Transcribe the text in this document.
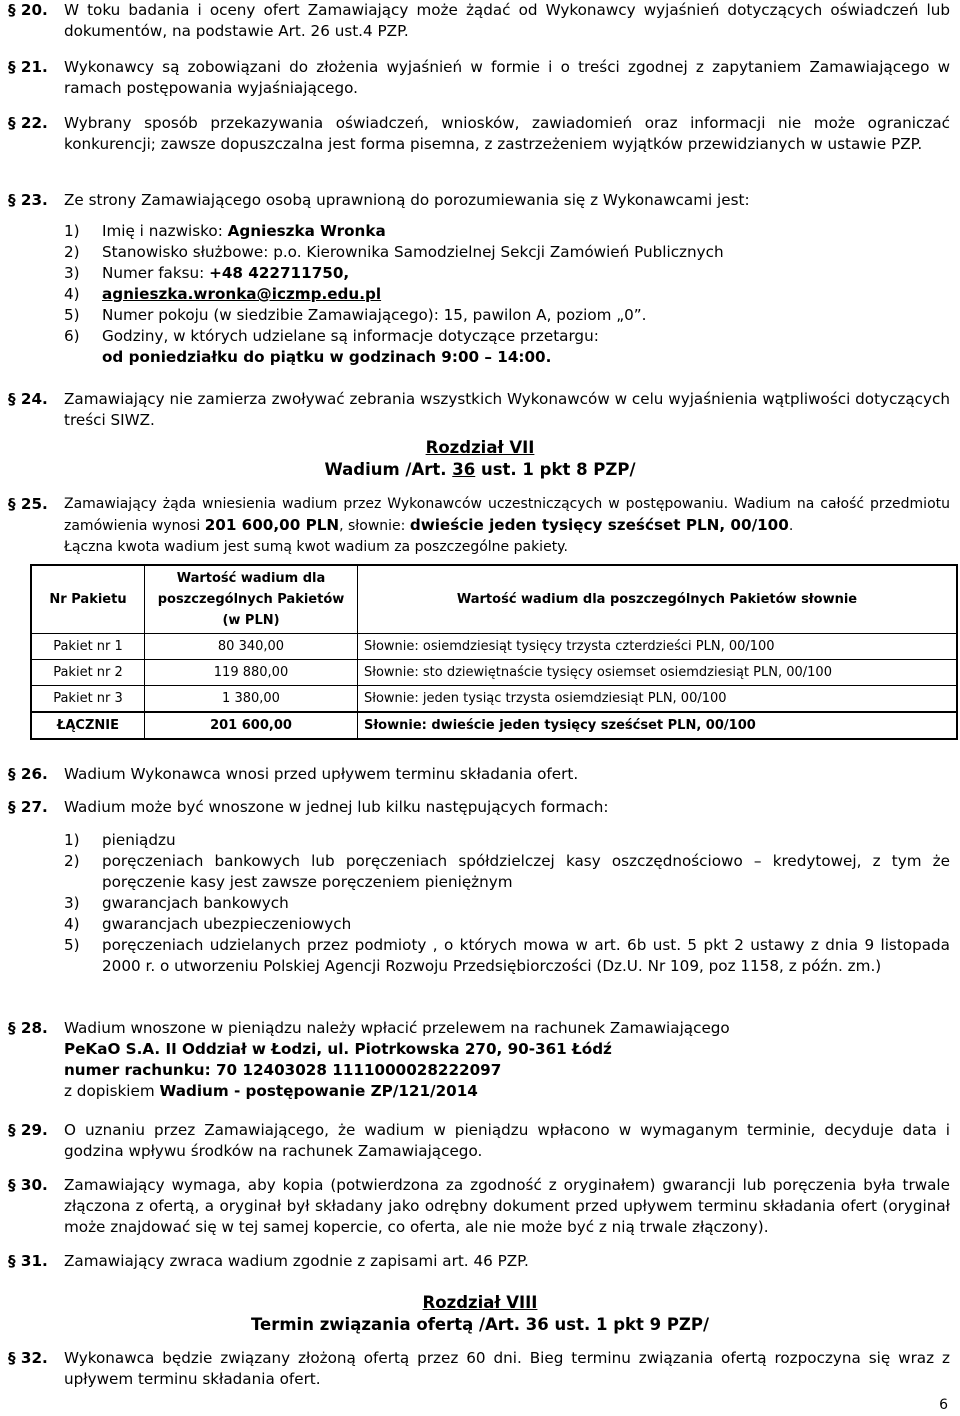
§ 20. W toku badania i oceny ofert Zamawiający może żądać od Wykonawcy wyjaśnień dotyczących oświadczeń lub dokumentów, na podstawie Art. 26 ust.4 PZP.
§ 21. Wykonawcy są zobowiązani do złożenia wyjaśnień w formie i o treści zgodnej z zapytaniem Zamawiającego w ramach postępowania wyjaśniającego.
§ 22. Wybrany sposób przekazywania oświadczeń, wniosków, zawiadomień oraz informacji nie może ograniczać konkurencji; zawsze dopuszczalna jest forma pisemna, z zastrzeżeniem wyjątków przewidzianych w ustawie PZP.
§ 23. Ze strony Zamawiającego osobą uprawnioną do porozumiewania się z Wykonawcami jest:
1) Imię i nazwisko: Agnieszka Wronka
2) Stanowisko służbowe: p.o. Kierownika Samodzielnej Sekcji Zamówień Publicznych
3) Numer faksu: +48 422711750,
4) agnieszka.wronka@iczmp.edu.pl
5) Numer pokoju (w siedzibie Zamawiającego): 15, pawilon A, poziom „0”.
6) Godziny, w których udzielane są informacje dotyczące przetargu:
od poniedziałku do piątku w godzinach 9:00 – 14:00.
§ 24. Zamawiający nie zamierza zwoływać zebrania wszystkich Wykonawców w celu wyjaśnienia wątpliwości dotyczących treści SIWZ.
Rozdział VII
Wadium /Art. 36 ust. 1 pkt 8 PZP/
§ 25. Zamawiający żąda wniesienia wadium przez Wykonawców uczestniczących w postępowaniu. Wadium na całość przedmiotu zamówienia wynosi 201 600,00 PLN, słownie: dwieście jeden tysięcy sześćset PLN, 00/100.
Łączna kwota wadium jest sumą kwot wadium za poszczególne pakiety.
Nr Pakietu	Wartość wadium dla poszczególnych Pakietów (w PLN)	Wartość wadium dla poszczególnych Pakietów słownie
Pakiet nr 1	80 340,00	Słownie: osiemdziesiąt tysięcy trzysta czterdzieści PLN, 00/100
Pakiet nr 2	119 880,00	Słownie: sto dziewiętnaście tysięcy osiemset osiemdziesiąt PLN, 00/100
Pakiet nr 3	1 380,00	Słownie: jeden tysiąc trzysta osiemdziesiąt PLN, 00/100
ŁĄCZNIE	201 600,00	Słownie: dwieście jeden tysięcy sześćset PLN, 00/100
§ 26. Wadium Wykonawca wnosi przed upływem terminu składania ofert.
§ 27. Wadium może być wnoszone w jednej lub kilku następujących formach:
1) pieniądzu
2) poręczeniach bankowych lub poręczeniach spółdzielczej kasy oszczędnościowo – kredytowej, z tym że poręczenie kasy jest zawsze poręczeniem pieniężnym
3) gwarancjach bankowych
4) gwarancjach ubezpieczeniowych
5) poręczeniach udzielanych przez podmioty , o których mowa w art. 6b ust. 5 pkt 2 ustawy z dnia 9 listopada 2000 r. o utworzeniu Polskiej Agencji Rozwoju Przedsiębiorczości (Dz.U. Nr 109, poz 1158, z późn. zm.)
§ 28. Wadium wnoszone w pieniądzu należy wpłacić przelewem na rachunek Zamawiającego
PeKaO S.A. II Oddział w Łodzi, ul. Piotrkowska 270, 90-361 Łódź
numer rachunku: 70 12403028 1111000028222097
z dopiskiem Wadium - postępowanie ZP/121/2014
§ 29. O uznaniu przez Zamawiającego, że wadium w pieniądzu wpłacono w wymaganym terminie, decyduje data i godzina wpływu środków na rachunek Zamawiającego.
§ 30. Zamawiający wymaga, aby kopia (potwierdzona za zgodność z oryginałem) gwarancji lub poręczenia była trwale złączona z ofertą, a oryginał był składany jako odrębny dokument przed upływem terminu składania ofert (oryginał może znajdować się w tej samej kopercie, co oferta, ale nie może być z nią trwale złączony).
§ 31. Zamawiający zwraca wadium zgodnie z zapisami art. 46 PZP.
Rozdział VIII
Termin związania ofertą /Art. 36 ust. 1 pkt 9 PZP/
§ 32. Wykonawca będzie związany złożoną ofertą przez 60 dni. Bieg terminu związania ofertą rozpoczyna się wraz z upływem terminu składania ofert.
6
